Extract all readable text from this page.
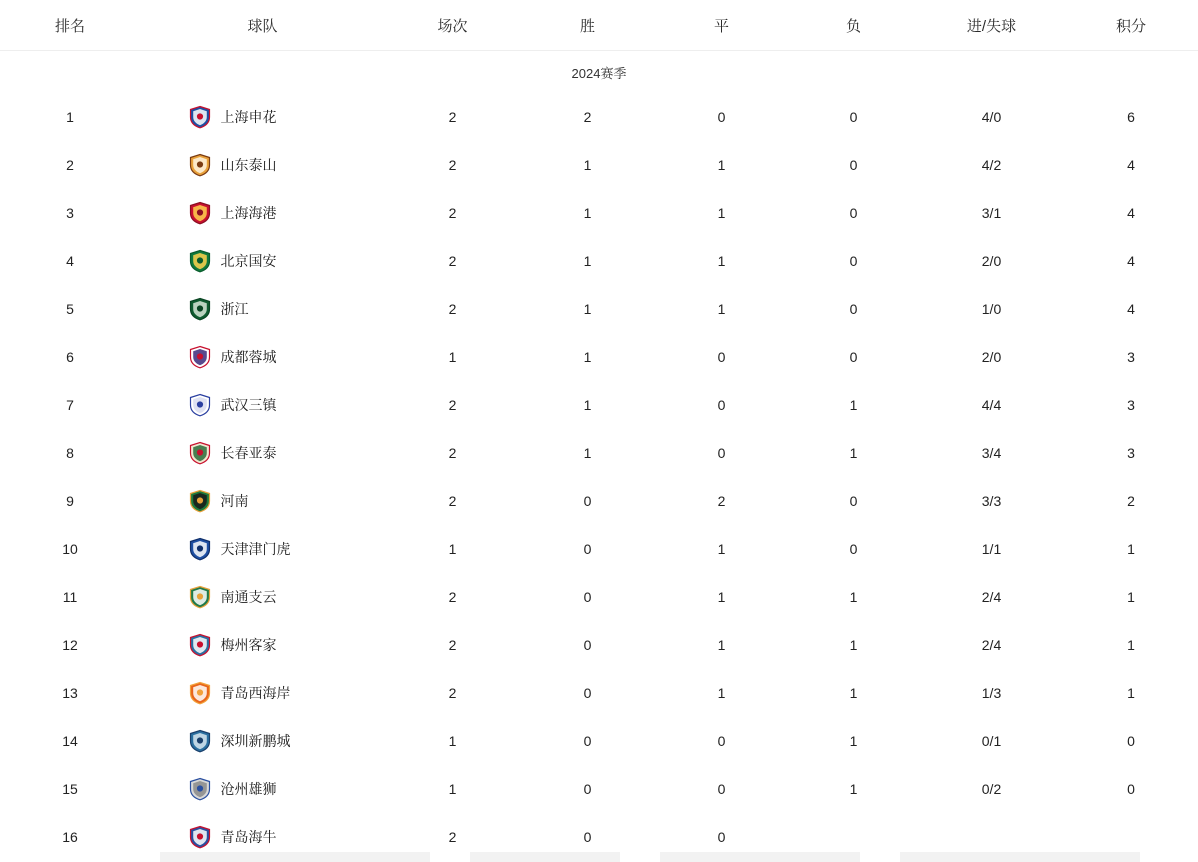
排名	球队	场次	胜	平	负	进/失球	积分
2024赛季
1	上海申花	2	2	0	0	4/0	6
2	山东泰山	2	1	1	0	4/2	4
3	上海海港	2	1	1	0	3/1	4
4	北京国安	2	1	1	0	2/0	4
5	浙江	2	1	1	0	1/0	4
6	成都蓉城	1	1	0	0	2/0	3
7	武汉三镇	2	1	0	1	4/4	3
8	长春亚泰	2	1	0	1	3/4	3
9	河南	2	0	2	0	3/3	2
10	天津津门虎	1	0	1	0	1/1	1
11	南通支云	2	0	1	1	2/4	1
12	梅州客家	2	0	1	1	2/4	1
13	青岛西海岸	2	0	1	1	1/3	1
14	深圳新鹏城	1	0	0	1	0/1	0
15	沧州雄狮	1	0	0	1	0/2	0
16	青岛海牛	2	0	0
